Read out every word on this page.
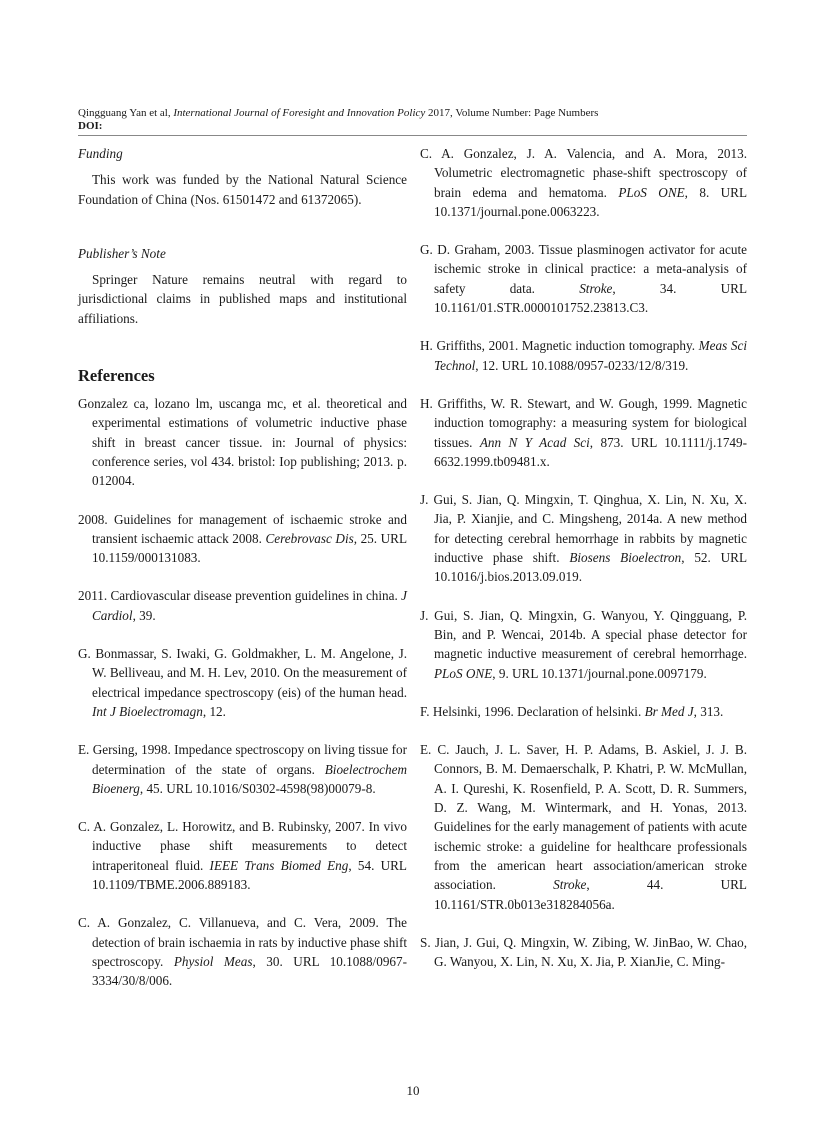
Qingguang Yan et al, International Journal of Foresight and Innovation Policy 2017, Volume Number: Page Numbers
DOI:
Funding

This work was funded by the National Natural Science Foundation of China (Nos. 61501472 and 61372065).

Publisher’s Note

Springer Nature remains neutral with regard to jurisdictional claims in published maps and institutional affiliations.

References
Gonzalez ca, lozano lm, uscanga mc, et al. theoretical and experimental estimations of volumetric inductive phase shift in breast cancer tissue. in: Journal of physics: conference series, vol 434. bristol: Iop publishing; 2013. p. 012004.
2008. Guidelines for management of ischaemic stroke and transient ischaemic attack 2008. Cerebrovasc Dis, 25. URL 10.1159/000131083.
2011. Cardiovascular disease prevention guidelines in china. J Cardiol, 39.
G. Bonmassar, S. Iwaki, G. Goldmakher, L. M. Angelone, J. W. Belliveau, and M. H. Lev, 2010. On the measurement of electrical impedance spectroscopy (eis) of the human head. Int J Bioelectromagn, 12.
E. Gersing, 1998. Impedance spectroscopy on living tissue for determination of the state of organs. Bioelectrochem Bioenerg, 45. URL 10.1016/S0302-4598(98)00079-8.
C. A. Gonzalez, L. Horowitz, and B. Rubinsky, 2007. In vivo inductive phase shift measurements to detect intraperitoneal fluid. IEEE Trans Biomed Eng, 54. URL 10.1109/TBME.2006.889183.
C. A. Gonzalez, C. Villanueva, and C. Vera, 2009. The detection of brain ischaemia in rats by inductive phase shift spectroscopy. Physiol Meas, 30. URL 10.1088/0967-3334/30/8/006.
C. A. Gonzalez, J. A. Valencia, and A. Mora, 2013. Volumetric electromagnetic phase-shift spectroscopy of brain edema and hematoma. PLoS ONE, 8. URL 10.1371/journal.pone.0063223.
G. D. Graham, 2003. Tissue plasminogen activator for acute ischemic stroke in clinical practice: a meta-analysis of safety data. Stroke, 34. URL 10.1161/01.STR.0000101752.23813.C3.
H. Griffiths, 2001. Magnetic induction tomography. Meas Sci Technol, 12. URL 10.1088/0957-0233/12/8/319.
H. Griffiths, W. R. Stewart, and W. Gough, 1999. Magnetic induction tomography: a measuring system for biological tissues. Ann N Y Acad Sci, 873. URL 10.1111/j.1749-6632.1999.tb09481.x.
J. Gui, S. Jian, Q. Mingxin, T. Qinghua, X. Lin, N. Xu, X. Jia, P. Xianjie, and C. Mingsheng, 2014a. A new method for detecting cerebral hemorrhage in rabbits by magnetic inductive phase shift. Biosens Bioelectron, 52. URL 10.1016/j.bios.2013.09.019.
J. Gui, S. Jian, Q. Mingxin, G. Wanyou, Y. Qingguang, P. Bin, and P. Wencai, 2014b. A special phase detector for magnetic inductive measurement of cerebral hemorrhage. PLoS ONE, 9. URL 10.1371/journal.pone.0097179.
F. Helsinki, 1996. Declaration of helsinki. Br Med J, 313.
E. C. Jauch, J. L. Saver, H. P. Adams, B. Askiel, J. J. B. Connors, B. M. Demaerschalk, P. Khatri, P. W. McMullan, A. I. Qureshi, K. Rosenfield, P. A. Scott, D. R. Summers, D. Z. Wang, M. Wintermark, and H. Yonas, 2013. Guidelines for the early management of patients with acute ischemic stroke: a guideline for healthcare professionals from the american heart association/american stroke association. Stroke, 44. URL 10.1161/STR.0b013e318284056a.
S. Jian, J. Gui, Q. Mingxin, W. Zibing, W. JinBao, W. Chao, G. Wanyou, X. Lin, N. Xu, X. Jia, P. XianJie, C. Ming-
10
